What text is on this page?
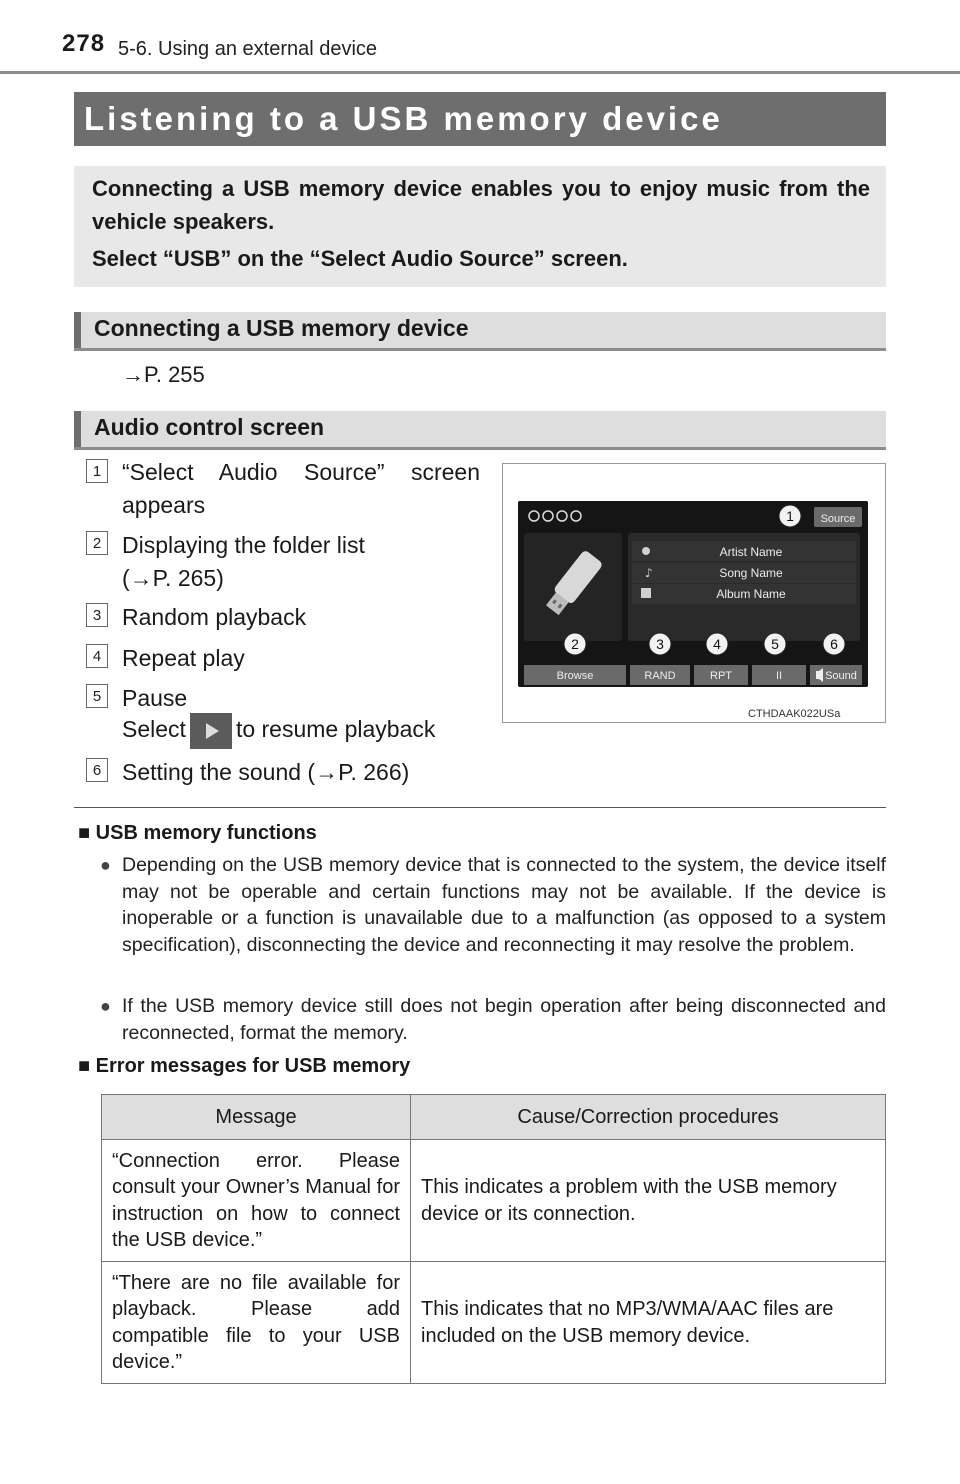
278 5-6. Using an external device
Listening to a USB memory device
Connecting a USB memory device enables you to enjoy music from the vehicle speakers.
Select “USB” on the “Select Audio Source” screen.
Connecting a USB memory device
→P. 255
Audio control screen
1 “Select Audio Source” screen
appears
2 Displaying the folder list
(→P. 265)
3 Random playback
4 Repeat play
5 Pause
Select to resume playback
6 Setting the sound (→P. 266)
Source
1
♪
Artist Name
Song Name
Album Name
Browse	RAND	RPT	II	Sound
2	3	4	5	6
CTHDAAK022USa
■ USB memory functions
● Depending on the USB memory device that is connected to the system, the device itself may not be operable and certain functions may not be available. If the device is inoperable or a function is unavailable due to a malfunction (as opposed to a system specification), disconnecting the device and reconnecting it may resolve the problem.
● If the USB memory device still does not begin operation after being disconnected and reconnected, format the memory.
■ Error messages for USB memory
Message	Cause/Correction procedures
“Connection error. Please consult your Owner’s Manual for instruction on how to connect the USB device.”	This indicates a problem with the USB memory device or its connection.
“There are no file available for playback. Please add compatible file to your USB device.”	This indicates that no MP3/WMA/AAC files are included on the USB memory device.
